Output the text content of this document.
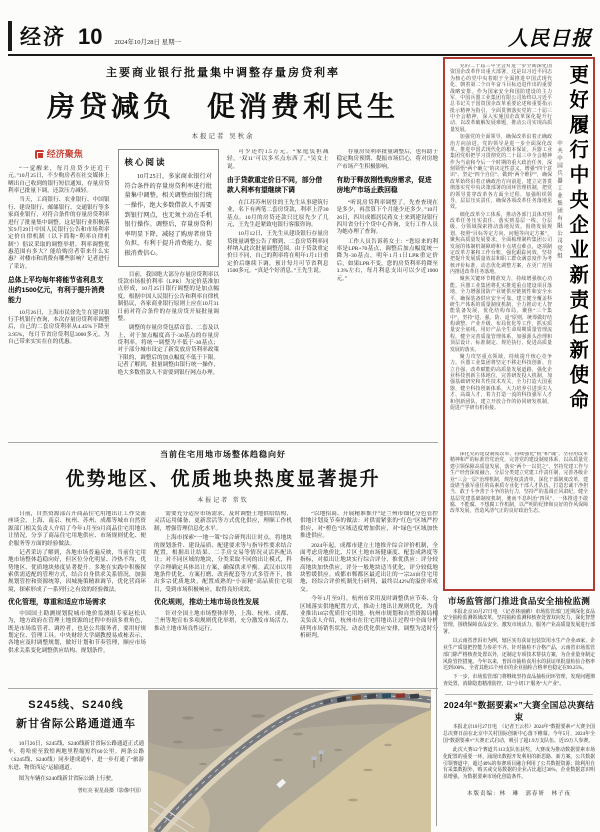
经济 10 2024年10月28日 星期一	人民日报
主要商业银行批量集中调整存量房贷利率
房贷减负　促消费利民生
本报记者 吴秋余
经济聚焦

“一觉醒来，每月房贷少还近千元。”10月25日，不少购房者在社交媒体上晒出自己收到的银行短信通知，存量房贷利率已批量下调，还款压力减轻。

当天，工商银行、农业银行、中国银行、建设银行、邮储银行、交通银行等多家商业银行，对符合条件的存量房贷利率进行了批量集中调整。这是银行业积极落实9月29日中国人民银行公告和市场利率定价自律机制（以下简称“利率自律机制”）倡议采取的调整举措。利率调整优惠范围有多大？能给购房者带来什么实惠？对楼市和消费有哪些影响？记者进行了采访。

总体上平均每年将能节省利息支出约1500亿元，有利于提升消费能力

10月26日，上海市民徐先生在建设银行手机银行查询，本次存量房贷利率调整后，自己的二套房贷利率从4.45%下降至3.95%，每月节省房贷利息3000多元，为自己带来实实在在的优惠。

核心阅读
10月25日，多家商业银行对符合条件的存量房贷利率进行批量集中调整。相关调整由银行统一操作，绝大多数借款人不需要到银行网点，也无须主动在手机银行操作。调整后，存量房贷利率明显下降，减轻了购房者房贷负担，有利于提升消费能力、提振消费信心。

目前，我国绝大部分存量房贷利率以贷款市场报价利率（LPR）为定价基准加点形成，10月25日银行调整的是加点幅度。根据中国人民银行公告和利率自律机制倡议，各家商业银行原则上应在10月31日前对符合条件的存量房贷开展批量调整。

调整的存量房贷包括首套、二套及以上，对于加点幅度高于-30基点的存量房贷利率，将统一调整为不低于-30基点；对于部分城市设定了新发放房贷利率政策下限的，调整后的加点幅度不低于下限。记者了解到，批量调整由银行统一操作，绝大多数借款人不需要到银行网点办理。

可少还约1.5万元。“家庭负担减轻，‘双11’可以多买点东西了。”吴女士说。

由于贷款重定价日不同，部分借款人利率有望继续下调

在江苏苏州居住的王先生从事建筑行业，名下有两笔二套房贷款，利率上浮30基点。10月的房贷还款只比原先少了几元，王先生赶紧致电银行客服咨询。

10月12日，王先生从建设银行存量房贷批量调整公告了解到，二套房贷利率同样纳入此次批量调整范围。由于贷款重定价日不同，自己的利率将在明年1月1日重定价后继续下调，预计每月可节省利息1500多元。“真是个好消息。”王先生说。

存量房贷利率批量调整后，也有助于稳定购房预期、提振市场信心，将对房地产市场产生积极影响。

有助于释放刚性购房需求，促进房地产市场止跌回稳

“听说房贷利率调整了，先查查现在是多少，再盘算下个月能少还多少。”10月26日，四川成都居民蒋女士来到建设银行四川省分行个贷中心咨询，支行工作人员为她办理了查询。

工作人员告诉蒋女士：“您原来的利率是LPR+70基点，调整后加点幅度统一降为-30基点，明年1月1日LPR重定价后，如果LPR不变，您的房贷利率将降至3.3%左右，每月利息支出可以少近1000元。”

当前住宅用地市场整体趋稳向好
优势地区、优质地块热度显著提升
本报记者 常钦

日前，自然资源部召开商品住宅用地出让工作交流座谈会，上海、南京、杭州、苏州、成都等城市自然资源部门相关负责人介绍了今年1月至9月商品住宅用地出让情况，分享了商品住宅用地供应、市场规则优化、便企服务等方面的经验做法。

记者采访了解到，各地市场普遍反映，当前住宅用地市场整体趋稳向好，但区位分化明显、冷热不均，优势地区、优质地块热度显著提升。多地在实践中积极探索供需适配的管理方式，结合自身供求关系情况，加强规划管控和资源统筹，因城施策精准调节，优化营商环境，探索形成了一系列行之有效的经验做法。

优化管理，尊重和适应市场需求

中国国土勘测规划院城市地价监测组专家赵松认为，地方政府在管理土地资源的过程中扮演多重角色，既是市场监管者、调控者，也是公共服务者，要用好规划定位、管理工具。中央财经大学副教授易成栋表示，各地应及时调整规划，做好计划和节奏管理，顺应市场供求关系变化调整供应结构、规划条件。

需要充分适应市场需求，及时调整土地供给结构，灵活运用储备、更新盘活等方式优化供应，理顺工作机制，增强管理信息化水平。

上海市探索“一地一策”综合研判出让时点，将地块的规划条件、建设品质、配建要求等与指导性要求结合配置，根据出让结果、二手房交易等情况灵活匹配出让；对不同区域的地块，分类采取不同的出让模式，科学合理确定具体出让方案，确保供求平衡。武汉市以用地条件优化、方案打磨、改善配套等方式多管齐下，推出多宗优质地块，配置成熟的“小而精”高品质住宅项目，受到市场积极响应，取得良好成效。

优化规则，推动土地市场良性发展

针对全国土地市场整体形势，上海、杭州、成都、兰州等地宣布多项规则优化举措，充分激发市场活力，推动土地市场良性运行。

“以地招商、开展精准推介”是兰州市细化分色管控供地计划及节奏的做法：对供需紧张的“红色”区域严控供应，对“橙色”区域适度增加供应，对“绿色”区域加快推进供应。

2024年起，成都市建立土地推介综合评价机制，全面考虑房地价比、片区土地市场健康度、配套成熟度等指标，对拟出让地块实行综合评分，推优供应：评分较高地块加快供应，评分一般地块适当优化，评分较低地块暂缓供应。成都市郫都区最近出让的一宗24亩住宅用地，经综合评价机制先行研判，最终以42%的溢价率成交。

今年1月至9月，杭州市采用及时调整供应节奏、分区域落实供地配置方式，推动土地出让规则优化，为企业推出18宗优质住宅用地。杭州市规划和自然资源局相关负责人介绍，杭州市在住宅用地出让过程中全面分析研判市场销售状况，动态优化供应安排，调整为适时分析研判。

S245线、S240线
新甘省际公路通道通车

10月26日，S245线、S240线新甘省际公路通道正式通车，将哈密至敦煌两地里程缩短约60公里。两条公路（S245线、S240线）同步建成通车，进一步打通了“旅游东进、物资西运”运输通道。

图为车辆在S240线新甘省际公路上行驶。

曾红亮 祝星晨摄（影像中国）

党的二十届三中全会对进一步全面深化国资国企改革作出重大部署，这是以习近平同志为核心的党中央着眼于全面推进中国式现代化、朝着第二个百年奋斗目标迈进作出的重要战略安排。作为国家安全和国防建设的主力军，中国兵器工业集团有限公司始终以习近平总书记关于国资国企改革重要论述和重要指示批示精神为指引，全面贯彻落实党的二十届三中全会精神，深入实施国企改革深化提升行动，以改革破解发展难题，推动公司实现高质量发展。

加强党的全面领导，确保改革沿着正确政治方向前进。党的领导是进一步全面深化改革、推进中国式现代化的根本保证。兵器工业集团党组把学习贯彻党的二十届三中全会精神作为当前和今后一个时期的重大政治任务，深刻领悟“两个确立”的决定性意义，增强“四个意识”、坚定“四个自信”、做到“两个维护”，确保改革始终沿着正确政治方向前进，建立完善贯彻落实党中央决策部署的闭环管理机制，把党的领导贯穿改革各方面全过程，加强组织领导，层层压实责任，确保各项改革任务落地见效。

细化改革分工体系，推动各部门具体对照改革任务压实责任、落实到基层一线，分层级、分领域探索推动落地见效。围绕发展规划，按照“目标等定方向、问题等向定方案”，聚焦高质量发展要求，全面梳理制约集团公司发展的体制机制障碍和卡点堵点难点，逐项制定改革方案和工作台账，强化跟踪问效，坚持把提升发展质量效益和职工群众满意度作为考核评价标准，动态优化调整方案，在更广范围内推进改革任务落地。

聚焦关键环节精准发力，持续增强核心功能。兵器工业集团将扎实推进重点建设项目落地，全力增强国防产业链供应链韧性和安全水平，确保装备供应安全可靠。建立健全覆盖科研生产体系的质量制度机制，全力推动无人智能装备发展，优化结构布局，聚焦“三个集中”，坚持“进、强、防、退”原则，统筹做好结构调整、产业升级、布局优化等工作，抓实质量安全底线，用好产品全生命周期质量管理流程，健全完善质量管理体系，加强源头治理和顶层设计、标准制定、规范执行，促进高质量发展的落实。

聚力攻坚重点领域，持续提升核心竞争力。兵器工业集团将坚定不移走科技创新、自立自强、改革赋能的高质量发展道路，强化企业科技创新主体地位，完善研发投入机制，加强基础研究和共性技术攻关，全力打造大国重器，健全科技创新体系，大力培养引进顶尖人才、高端人才，着力打造一流的科技强军人才和创新团队，建立开放合作的协同研发机制，促进产学研有机衔接。

中共中国兵器工业集团有限公司党组 更好履行中央企业新责任新使命

深化党的建设制度改革，持续强化“根”和“魂”，坚持用改革精神和严的标准管党治党，完善党的建设制度体系，以高质量党建引领保障高质量发展，落实“两个一以贯之”，坚持党建工作与生产经营深度融合，分层分类建立党建工作责任制，完善各级企业“三会一层”治理机制，规范权责清单，深化干部制度改革，建设堪当强军重任的高素质专业化干部人才队伍，打造忠诚干净担当、敢于斗争善于斗争的执行力，坚持严的基调正风肃纪，健全基层党建基础制度机制，驰而不息纠治“四风”，一体推进不敢腐、不能腐、不想腐工作机制，以严明的纪律和良好的作风保障改革发展，营造风清气正的良好政治生态。

市场监管部门推进食品安全抽检监测

本报北京10月27日电　（记者林丽鹂）市场监管部门近期深化食品安全抽检监测领域改革，坚持抽检监测和核查处置双向发力，深化智慧管理，围绕保障食品安全、激发市场活力、服务产业高质量发展进行部署。

以云南省普洱市为例，辖区实有获证包装饮用水生产企业49家，企业生产质量把控能力参差不齐。针对抽检不合格产品，云南省市场监管部门除严格核查处置以外，还制定专项技术帮扶方案，为企业量身制定风险管控措施。今年以来，普洱市抽检食用水的获证单批量检验合格率达到100%，全省其他15个州市的企业抽检合格率也稳定在99.25%。

下一步，市场监管部门将继续坚持食品抽检闭环管理，发现问题彻查处置，消除隐患精准防控，以“小切口”服务“大产业”。

2024年“数据要素×”大赛全国总决赛结束

本报北京10月27日电　（记者王云杉）2024年“数据要素×”大赛全国总决赛日前在北京中关村国际创新中心落下帷幕。今年5月，2024年全国“数据要素×”大赛正式启动，吸引了超1.9万支队伍、近19万人参赛。

此次大赛12个赛道共113支队伍获奖。大赛成为推动数据要素市场化配置的重要一环，涌现出数据开发利用的新思路、新方案。公共数据引领赛道中，超过40%的参赛项目融合利用了公共数据资源；除利用自有采集数据外，购买或交易数据的企业占比超过30%，企业数据意识明显增强，为数据要素市场化创造条件。

本版责编：林　琳　郭春妍　林子夜
